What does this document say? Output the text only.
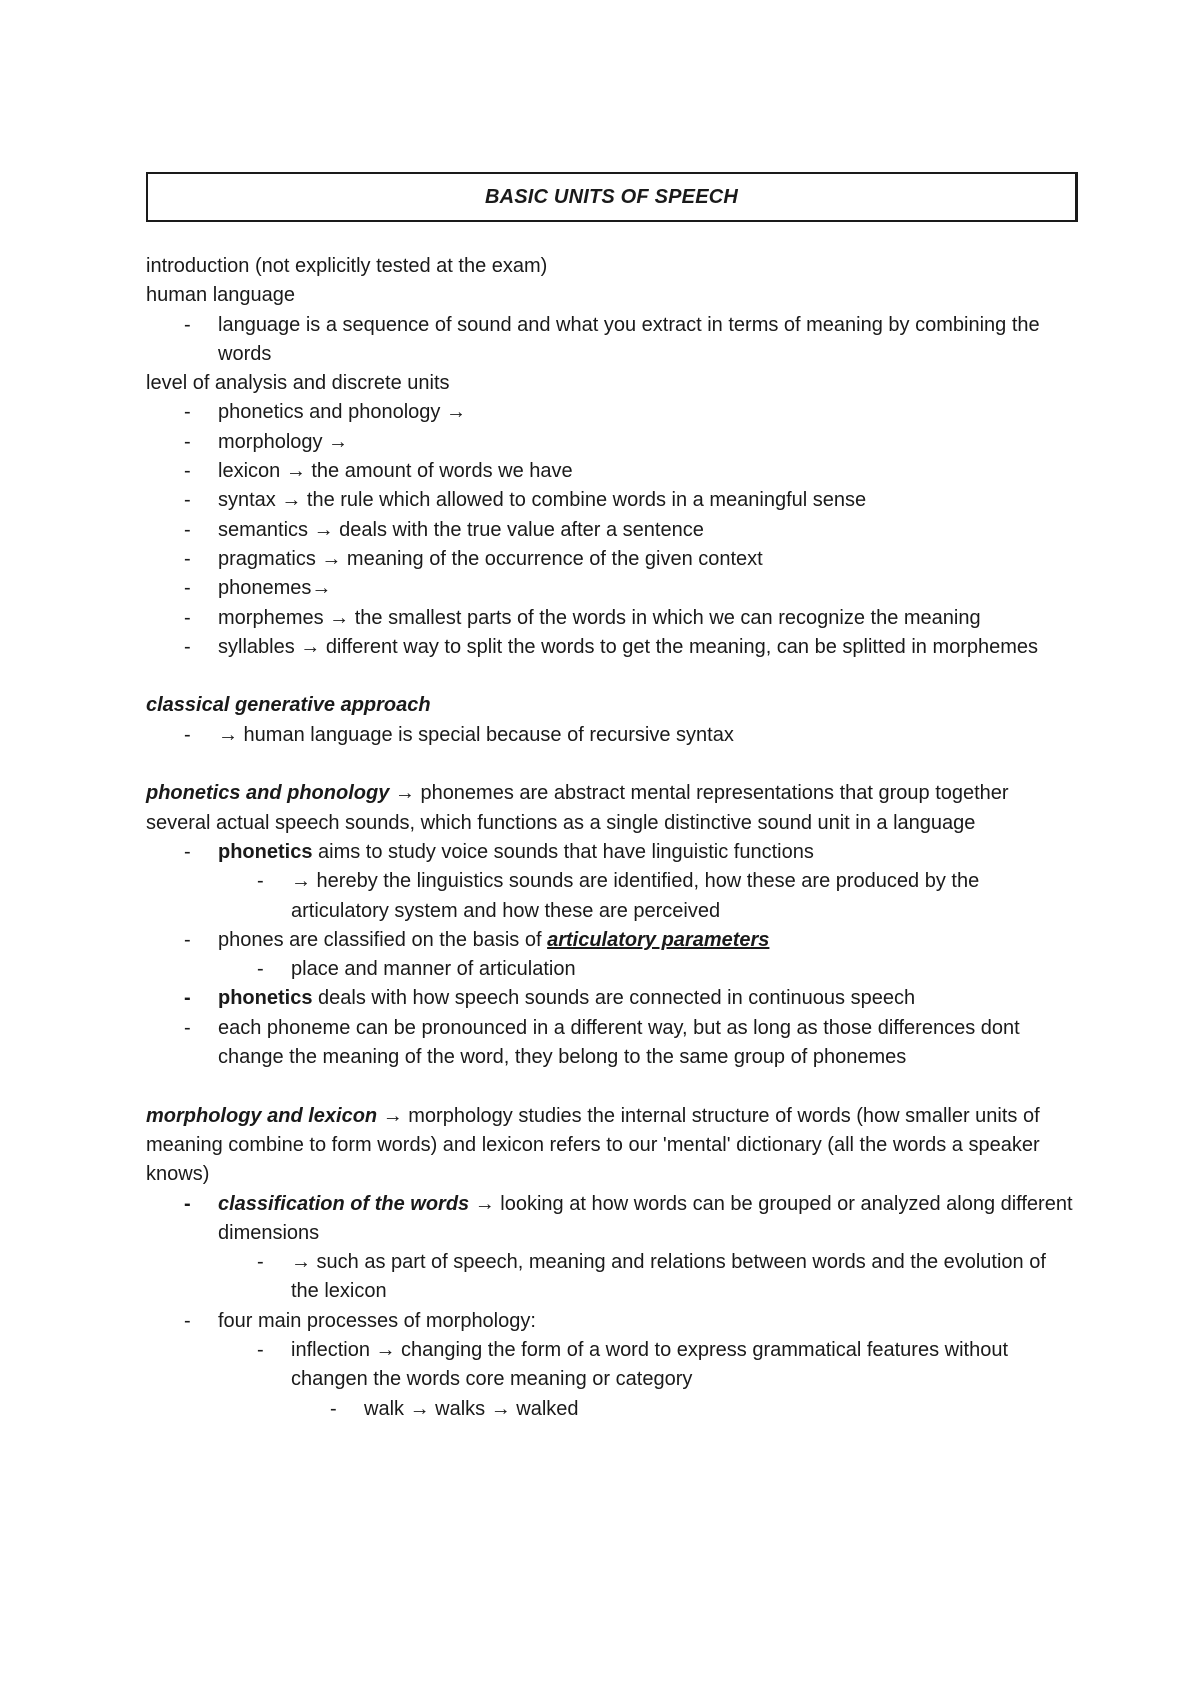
BASIC UNITS OF SPEECH

introduction (not explicitly tested at the exam)

human language

- language is a sequence of sound and what you extract in terms of meaning by combining the words

level of analysis and discrete units

- phonetics and phonology →

- morphology →

- lexicon → the amount of words we have

- syntax → the rule which allowed to combine words in a meaningful sense

- semantics → deals with the true value after a sentence

- pragmatics → meaning of the occurrence of the given context

- phonemes→

- morphemes → the smallest parts of the words in which we can recognize the meaning

- syllables → different way to split the words to get the meaning, can be splitted in morphemes

classical generative approach

- → human language is special because of recursive syntax

phonetics and phonology → phonemes are abstract mental representations that group together several actual speech sounds, which functions as a single distinctive sound unit in a language

- phonetics aims to study voice sounds that have linguistic functions

- → hereby the linguistics sounds are identified, how these are produced by the articulatory system and how these are perceived

- phones are classified on the basis of articulatory parameters

- place and manner of articulation

- phonetics deals with how speech sounds are connected in continuous speech

- each phoneme can be pronounced in a different way, but as long as those differences dont change the meaning of the word, they belong to the same group of phonemes

morphology and lexicon → morphology studies the internal structure of words (how smaller units of meaning combine to form words) and lexicon refers to our 'mental' dictionary (all the words a speaker knows)

- classification of the words → looking at how words can be grouped or analyzed along different dimensions

- → such as part of speech, meaning and relations between words and the evolution of the lexicon

- four main processes of morphology:

- inflection → changing the form of a word to express grammatical features without changen the words core meaning or category

- walk → walks → walked
